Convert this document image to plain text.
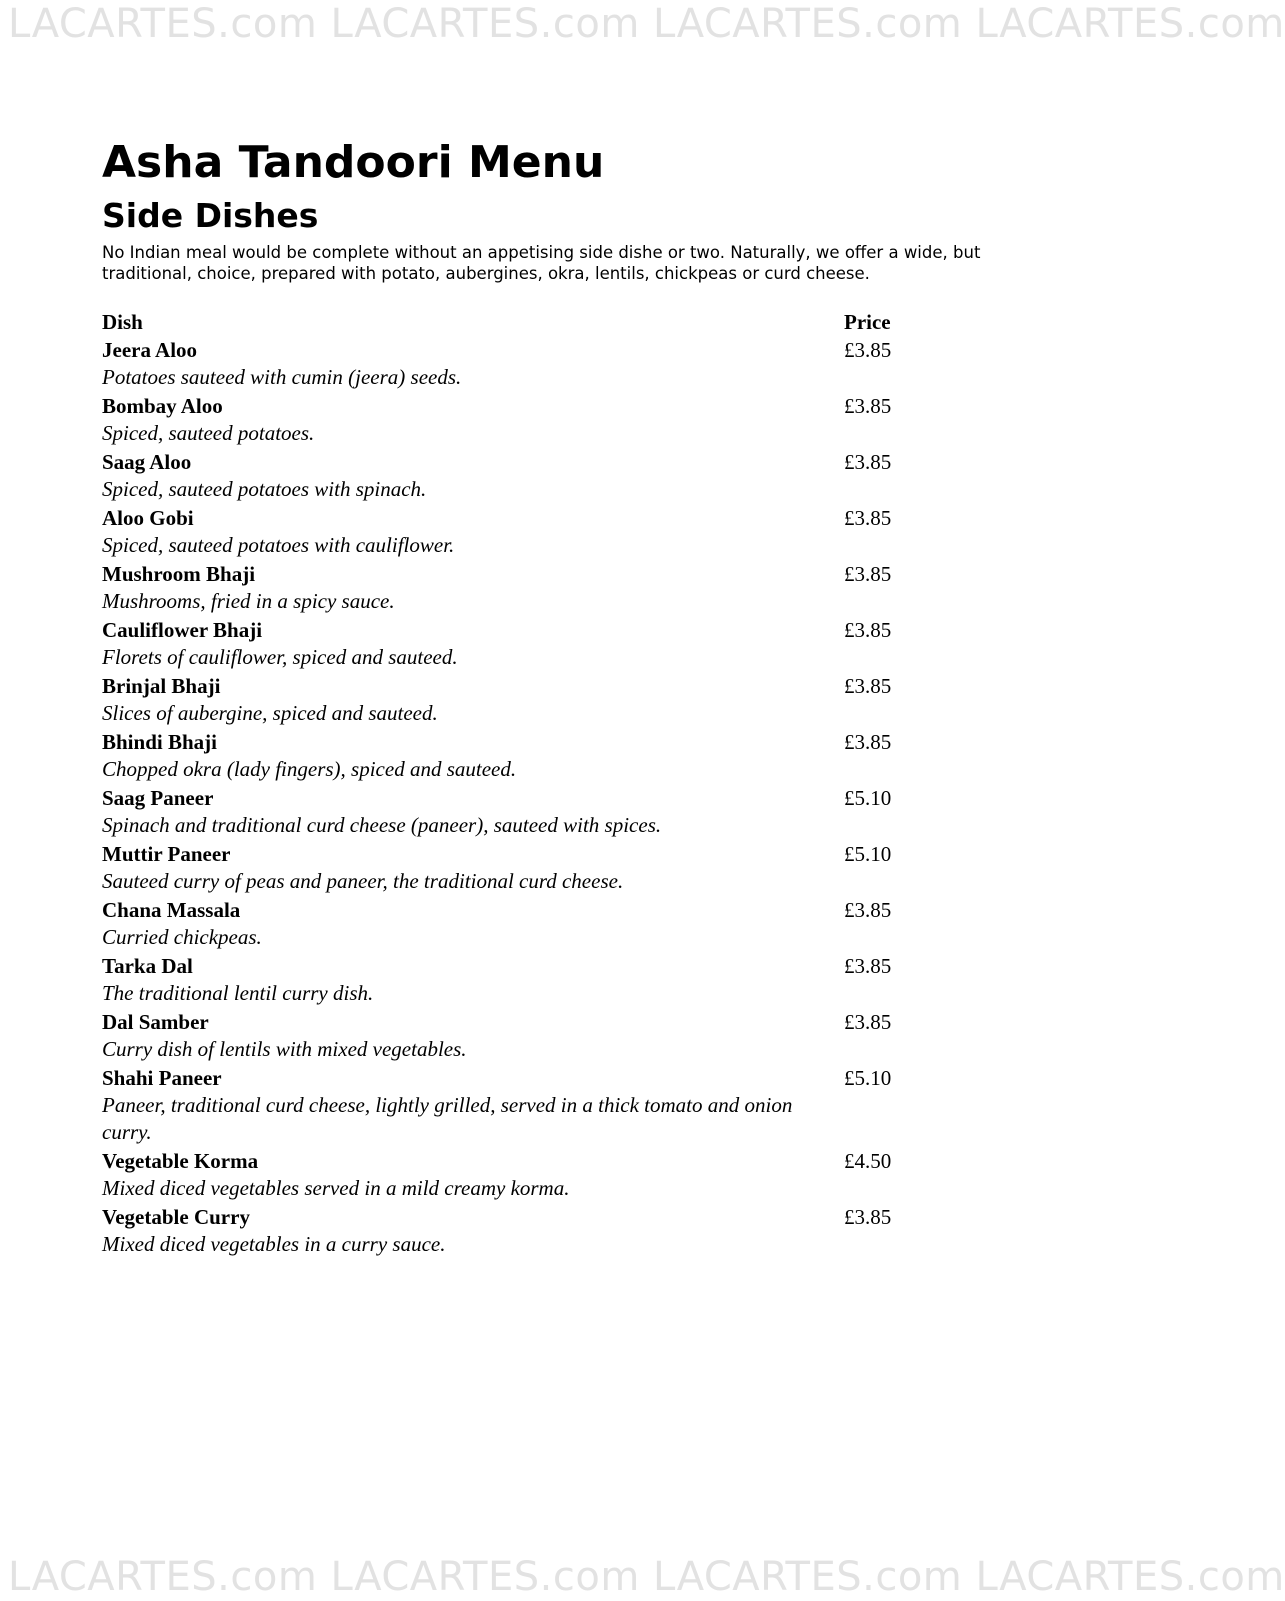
LACARTES.com LACARTES.com LACARTES.com LACARTES.com
Asha Tandoori Menu
Side Dishes

No Indian meal would be complete without an appetising side dishe or two. Naturally, we offer a wide, but traditional, choice, prepared with potato, aubergines, okra, lentils, chickpeas or curd cheese.

Dish	Price
Jeera Aloo	£3.85
Potatoes sauteed with cumin (jeera) seeds.
Bombay Aloo	£3.85
Spiced, sauteed potatoes.
Saag Aloo	£3.85
Spiced, sauteed potatoes with spinach.
Aloo Gobi	£3.85
Spiced, sauteed potatoes with cauliflower.
Mushroom Bhaji	£3.85
Mushrooms, fried in a spicy sauce.
Cauliflower Bhaji	£3.85
Florets of cauliflower, spiced and sauteed.
Brinjal Bhaji	£3.85
Slices of aubergine, spiced and sauteed.
Bhindi Bhaji	£3.85
Chopped okra (lady fingers), spiced and sauteed.
Saag Paneer	£5.10
Spinach and traditional curd cheese (paneer), sauteed with spices.
Muttir Paneer	£5.10
Sauteed curry of peas and paneer, the traditional curd cheese.
Chana Massala	£3.85
Curried chickpeas.
Tarka Dal	£3.85
The traditional lentil curry dish.
Dal Samber	£3.85
Curry dish of lentils with mixed vegetables.
Shahi Paneer	£5.10
Paneer, traditional curd cheese, lightly grilled, served in a thick tomato and onion curry.
Vegetable Korma	£4.50
Mixed diced vegetables served in a mild creamy korma.
Vegetable Curry	£3.85
Mixed diced vegetables in a curry sauce.
LACARTES.com LACARTES.com LACARTES.com LACARTES.com
